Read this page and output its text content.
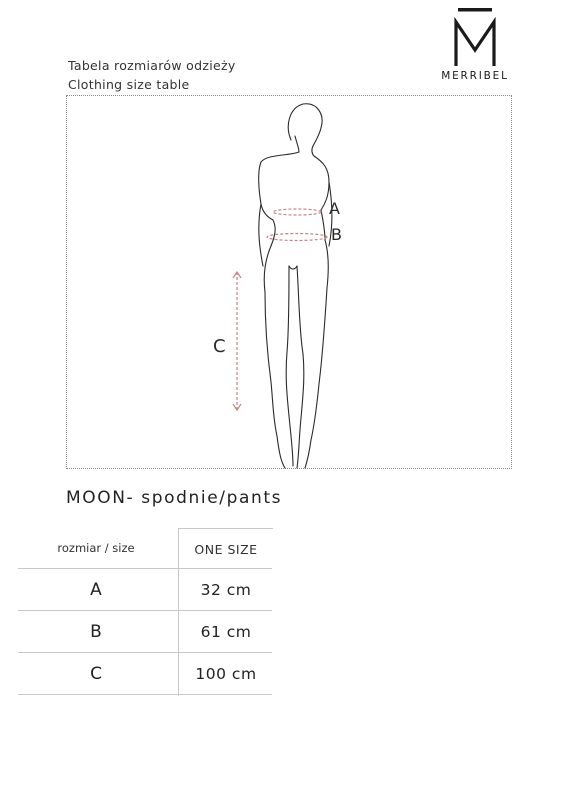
Tabela rozmiarów odzieży
Clothing size table
MERRIBEL
A
B
C
MOON- spodnie/pants
rozmiar / size	ONE SIZE
A	32 cm
B	61 cm
C	100 cm
